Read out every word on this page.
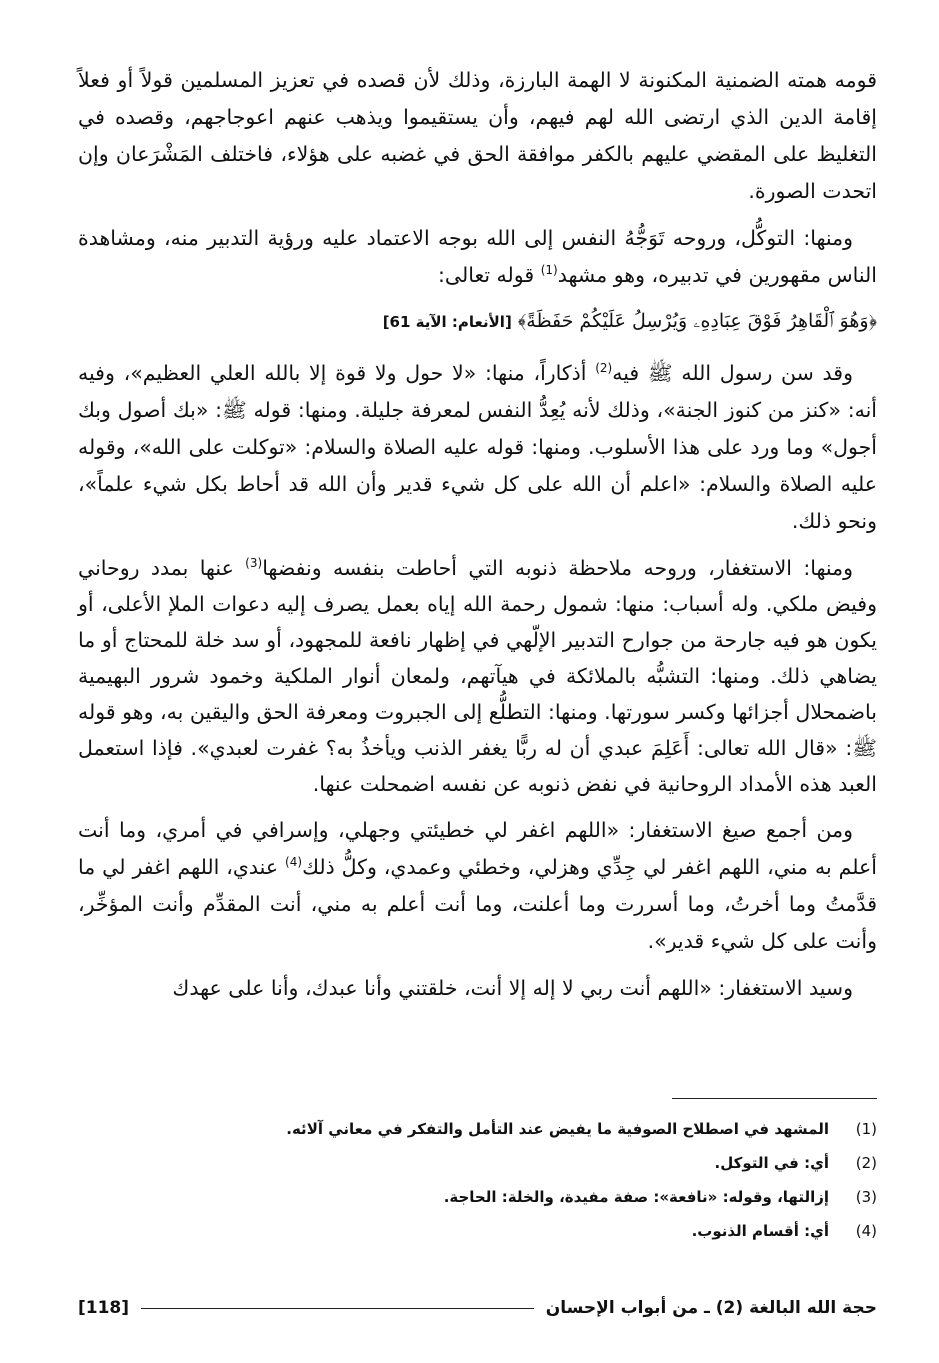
قومه همته الضمنية المكنونة لا الهمة البارزة، وذلك لأن قصده في تعزيز المسلمين قولاً أو فعلاً إقامة الدين الذي ارتضى الله لهم فيهم، وأن يستقيموا ويذهب عنهم اعوجاجهم، وقصده في التغليظ على المقضي عليهم بالكفر موافقة الحق في غضبه على هؤلاء، فاختلف المَشْرَعان وإن اتحدت الصورة.

ومنها: التوكُّل، وروحه تَوَجُّهُ النفس إلى الله بوجه الاعتماد عليه ورؤية التدبير منه، ومشاهدة الناس مقهورين في تدبيره، وهو مشهد$^{(1)}$ قوله تعالى:

﴿وَهُوَ ٱلْقَاهِرُ فَوْقَ عِبَادِهِۦ وَيُرْسِلُ عَلَيْكُمْ حَفَظَةً﴾ [الأنعام: الآية 61]

وقد سن رسول الله ﷺ فيه$^{(2)}$ أذكاراً، منها: «لا حول ولا قوة إلا بالله العلي العظيم»، وفيه أنه: «كنز من كنوز الجنة»، وذلك لأنه يُعِدُّ النفس لمعرفة جليلة. ومنها: قوله ﷺ: «بك أصول وبك أجول» وما ورد على هذا الأسلوب. ومنها: قوله عليه الصلاة والسلام: «توكلت على الله»، وقوله عليه الصلاة والسلام: «اعلم أن الله على كل شيء قدير وأن الله قد أحاط بكل شيء علماً»، ونحو ذلك.

ومنها: الاستغفار، وروحه ملاحظة ذنوبه التي أحاطت بنفسه ونفضها$^{(3)}$ عنها بمدد روحاني وفيض ملكي. وله أسباب: منها: شمول رحمة الله إياه بعمل يصرف إليه دعوات الملإ الأعلى، أو يكون هو فيه جارحة من جوارح التدبير الإلّهي في إظهار نافعة للمجهود، أو سد خلة للمحتاج أو ما يضاهي ذلك. ومنها: التشبُّه بالملائكة في هيآتهم، ولمعان أنوار الملكية وخمود شرور البهيمية باضمحلال أجزائها وكسر سورتها. ومنها: التطلُّع إلى الجبروت ومعرفة الحق واليقين به، وهو قوله ﷺ: «قال الله تعالى: أَعَلِمَ عبدي أن له ربًّا يغفر الذنب ويأخذُ به؟ غفرت لعبدي». فإذا استعمل العبد هذه الأمداد الروحانية في نفض ذنوبه عن نفسه اضمحلت عنها.

ومن أجمع صيغ الاستغفار: «اللهم اغفر لي خطيئتي وجهلي، وإسرافي في أمري، وما أنت أعلم به مني، اللهم اغفر لي جِدِّي وهزلي، وخطئي وعمدي، وكلُّ ذلك$^{(4)}$ عندي، اللهم اغفر لي ما قدَّمتُ وما أخرتُ، وما أسررت وما أعلنت، وما أنت أعلم به مني، أنت المقدِّم وأنت المؤخِّر، وأنت على كل شيء قدير».

وسيد الاستغفار: «اللهم أنت ربي لا إله إلا أنت، خلقتني وأنا عبدك، وأنا على عهدك

(1)
المشهد في اصطلاح الصوفية ما يفيض عند التأمل والتفكر في معاني آلائه.
(2)
أي: في التوكل.
(3)
إزالتها، وقوله: «نافعة»: صفة مفيدة، والخلة: الحاجة.
(4)
أي: أقسام الذنوب.
حجة الله البالغة (2) ـ من أبواب الإحسان
[118]
